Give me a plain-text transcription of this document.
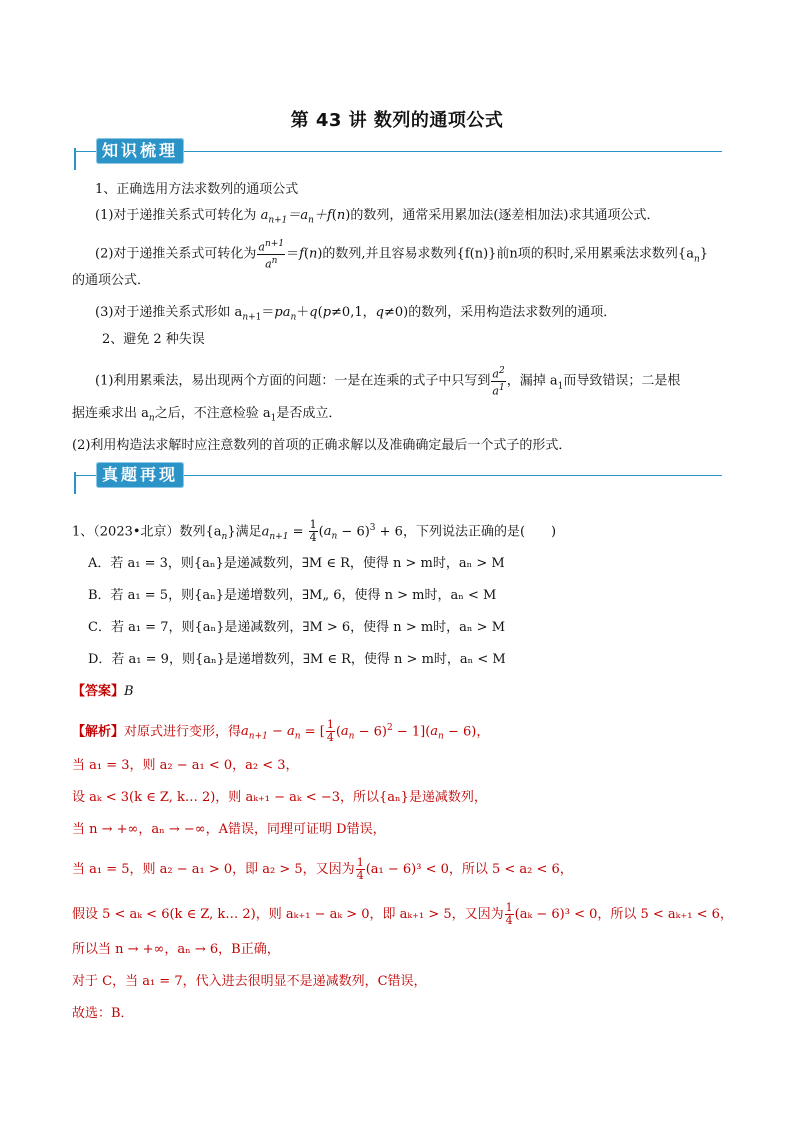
第 43 讲 数列的通项公式
知识梳理
1、正确选用方法求数列的通项公式
(1)对于递推关系式可转化为 $a_{n+1}=a_n+f(n)$的数列，通常采用累加法(逐差相加法)求其通项公式．
(2)对于递推关系式可转化为 $\frac{a^{n+1}}{a^n} =f(n)$的数列,并且容易求数列{f(n)}前n项的积时,采用累乘法求数列$\{a_n\}$
的通项公式．
(3)对于递推关系式形如 $a_{n+1}=pa_n+q(p\ne 0,1$，q≠0)的数列，采用构造法求数列的通项．
2、避免 2 种失误
(1)利用累乘法，易出现两个方面的问题：一是在连乘的式子中只写到 $\frac{a^2}{a^1}$ ，漏掉 $a_1$而导致错误；二是根
据连乘求出 $a_n$之后，不注意检验 $a_1$是否成立．
(2)利用构造法求解时应注意数列的首项的正确求解以及准确确定最后一个式子的形式．
真题再现
1、（2023•北京）数列$\{a_n\}$满足$a_{n+1} = \frac{1}{4} (a_n - 6)^3 + 6$，下列说法正确的是(　　)
A．若 a₁ = 3，则{aₙ}是递减数列，∃M ∈ R，使得 n > m时，aₙ > M
B．若 a₁ = 5，则{aₙ}是递增数列，∃M„ 6，使得 n > m时，aₙ < M
C．若 a₁ = 7，则{aₙ}是递减数列，∃M > 6，使得 n > m时，aₙ > M
D．若 a₁ = 9，则{aₙ}是递增数列，∃M ∈ R，使得 n > m时，aₙ < M
【答案】B
【解析】对原式进行变形，得$a_{n+1} - a_n$ = [ $\frac{1}{4} (a_n - 6)^2 - 1](a_n - 6)$，
当 a₁ = 3，则 a₂ − a₁ < 0，a₂ < 3，
设 aₖ < 3(k ∈ Z, k… 2)，则 aₖ₊₁ − aₖ < −3，所以{aₙ}是递减数列，
当 n → +∞，aₙ → −∞，A错误，同理可证明 D错误，
当 a₁ = 5，则 a₂ − a₁ > 0，即 a₂ > 5，又因为 $\frac{1}{4} (a_1 - 6)^3 < 0$，所以 5 < a₂ < 6，
假设 5 < aₖ < 6(k ∈ Z, k… 2)，则 aₖ₊₁ − aₖ > 0，即 aₖ₊₁ > 5，又因为 $\frac{1}{4} (a_k - 6)^3 < 0$，所以 5 < aₖ₊₁ < 6，
所以当 n → +∞，aₙ → 6，B正确，
对于 C，当 a₁ = 7，代入进去很明显不是递减数列，C错误，
故选：B．
